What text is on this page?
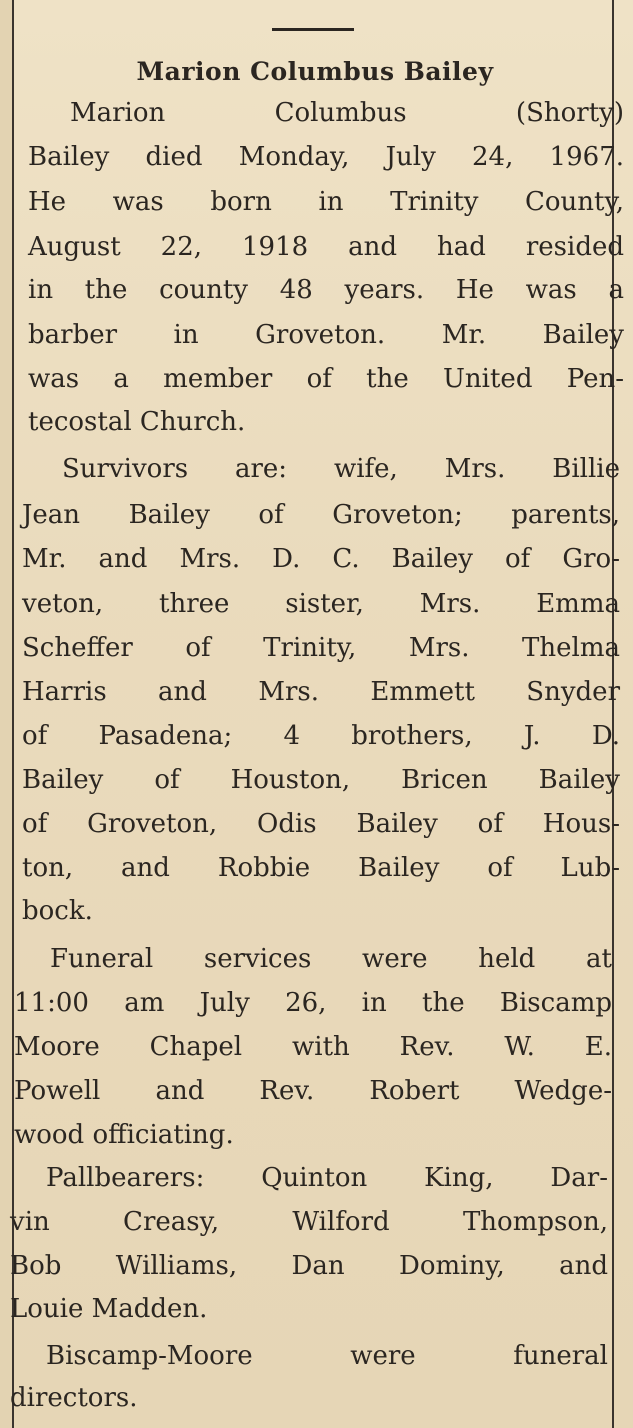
Marion Columbus Bailey
Marion Columbus (Shorty)
Bailey died Monday, July 24, 1967.
He was born in Trinity County,
August 22, 1918 and had resided
in the county 48 years. He was a
barber in Groveton. Mr. Bailey
was a member of the United Pen-
tecostal Church.
Survivors are: wife, Mrs. Billie
Jean Bailey of Groveton; parents,
Mr. and Mrs. D. C. Bailey of Gro-
veton, three sister, Mrs. Emma
Scheffer of Trinity, Mrs. Thelma
Harris and Mrs. Emmett Snyder
of Pasadena; 4 brothers, J. D.
Bailey of Houston, Bricen Bailey
of Groveton, Odis Bailey of Hous-
ton, and Robbie Bailey of Lub-
bock.
Funeral services were held at
11:00 am July 26, in the Biscamp
Moore Chapel with Rev. W. E.
Powell and Rev. Robert Wedge-
wood officiating.
Pallbearers: Quinton King, Dar-
vin Creasy, Wilford Thompson,
Bob Williams, Dan Dominy, and
Louie Madden.
Biscamp-Moore were funeral
directors.
